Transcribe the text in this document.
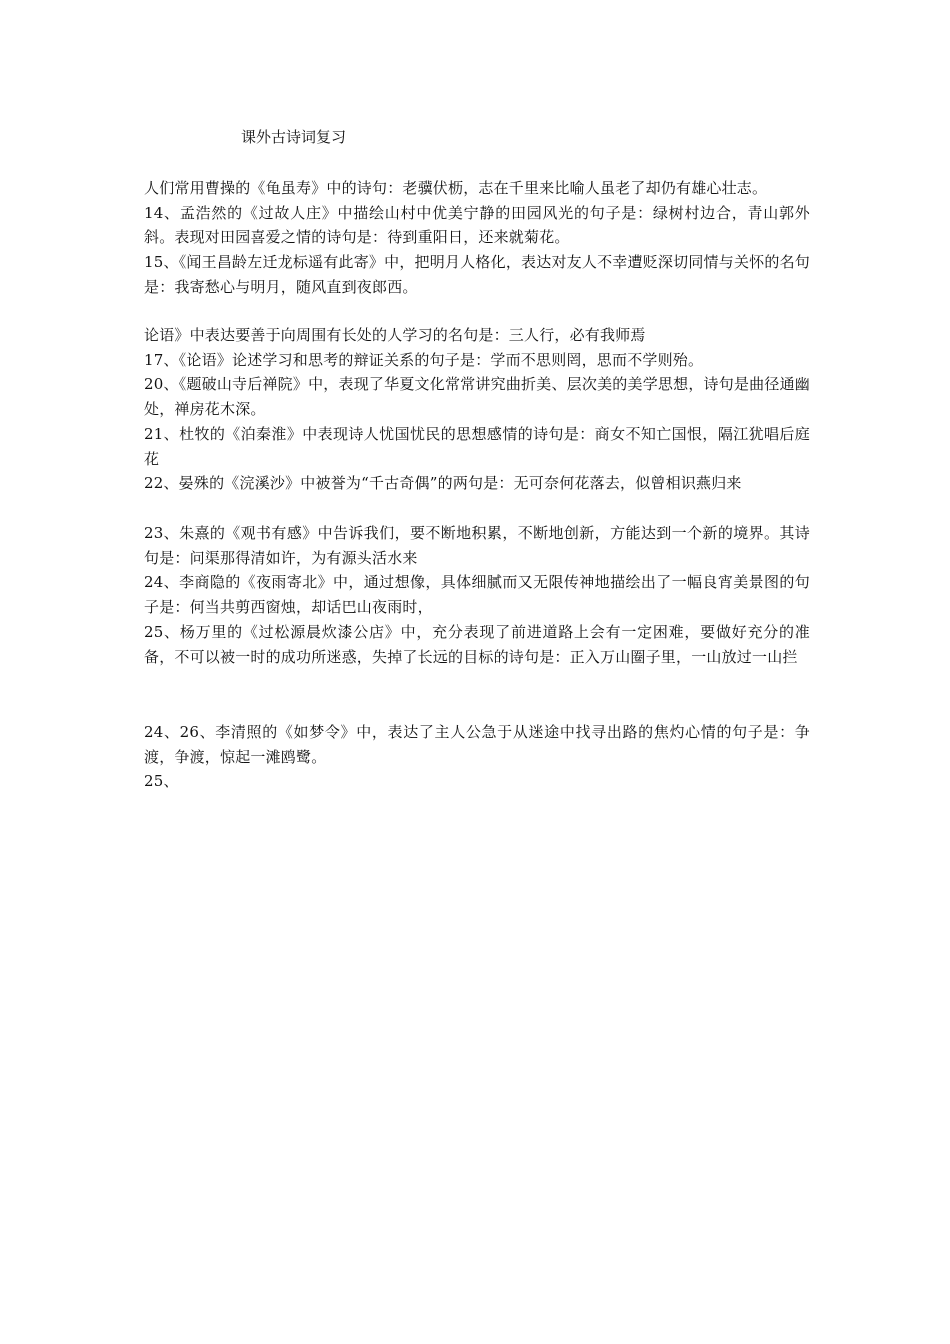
课外古诗词复习

人们常用曹操的《龟虽寿》中的诗句：老骥伏枥，志在千里来比喻人虽老了却仍有雄心壮志。

14、孟浩然的《过故人庄》中描绘山村中优美宁静的田园风光的句子是：绿树村边合，青山郭外斜。表现对田园喜爱之情的诗句是：待到重阳日，还来就菊花。

15、《闻王昌龄左迁龙标遥有此寄》中，把明月人格化，表达对友人不幸遭贬深切同情与关怀的名句是：我寄愁心与明月，随风直到夜郎西。

论语》中表达要善于向周围有长处的人学习的名句是：三人行，必有我师焉

17、《论语》论述学习和思考的辩证关系的句子是：学而不思则罔，思而不学则殆。

20、《题破山寺后禅院》中，表现了华夏文化常常讲究曲折美、层次美的美学思想，诗句是曲径通幽处，禅房花木深。

21、杜牧的《泊秦淮》中表现诗人忧国忧民的思想感情的诗句是：商女不知亡国恨，隔江犹唱后庭花

22、晏殊的《浣溪沙》中被誉为“千古奇偶”的两句是：无可奈何花落去，似曾相识燕归来

23、朱熹的《观书有感》中告诉我们，要不断地积累，不断地创新，方能达到一个新的境界。其诗句是：问渠那得清如许，为有源头活水来

24、李商隐的《夜雨寄北》中，通过想像，具体细腻而又无限传神地描绘出了一幅良宵美景图的句子是：何当共剪西窗烛，却话巴山夜雨时，

25、杨万里的《过松源晨炊漆公店》中，充分表现了前进道路上会有一定困难，要做好充分的准备，不可以被一时的成功所迷惑，失掉了长远的目标的诗句是：正入万山圈子里，一山放过一山拦

24、26、李清照的《如梦令》中，表达了主人公急于从迷途中找寻出路的焦灼心情的句子是：争渡，争渡，惊起一滩鸥鹭。

25、
